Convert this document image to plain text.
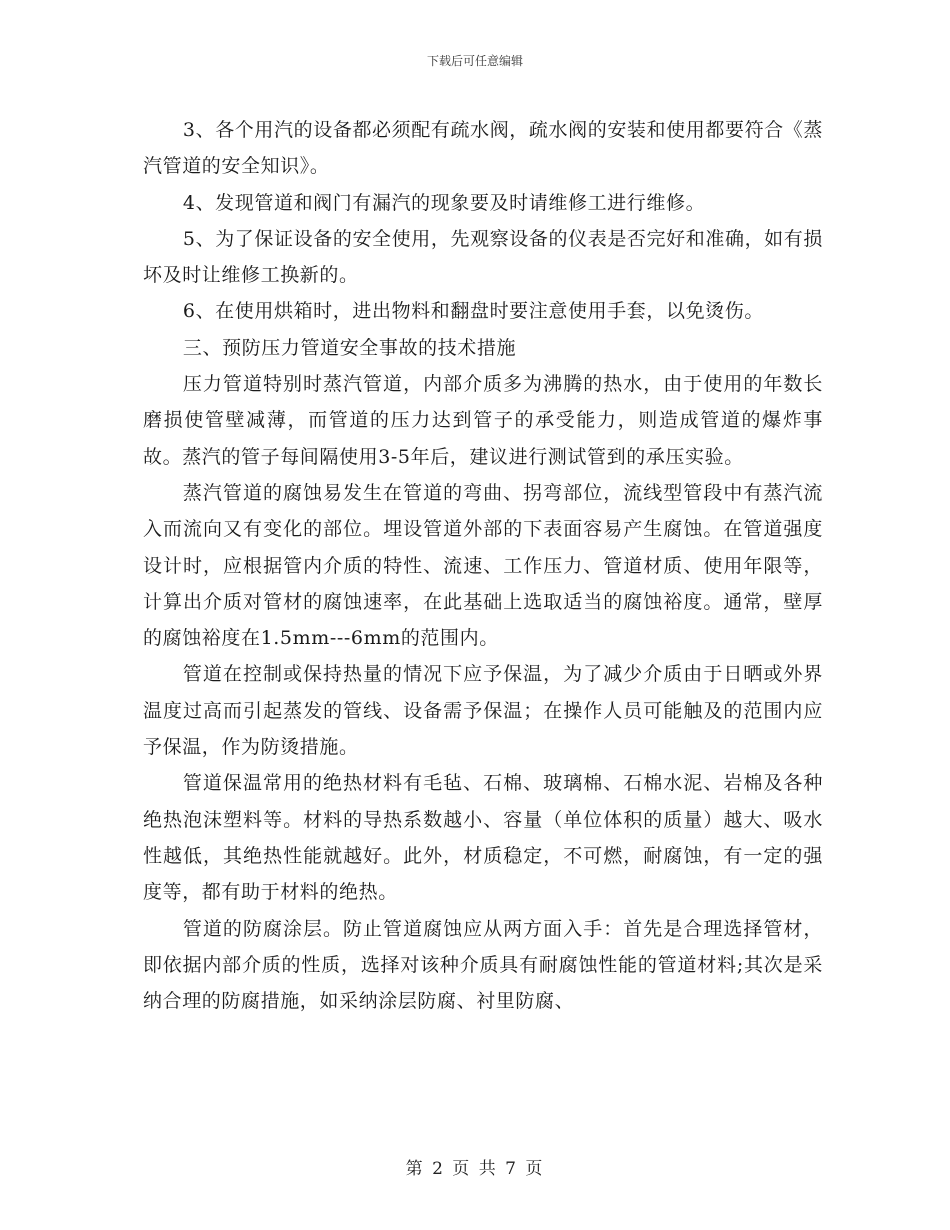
下载后可任意编辑

3、各个用汽的设备都必须配有疏水阀，疏水阀的安装和使用都要符合《蒸汽管道的安全知识》。

4、发现管道和阀门有漏汽的现象要及时请维修工进行维修。

5、为了保证设备的安全使用，先观察设备的仪表是否完好和准确，如有损坏及时让维修工换新的。

6、在使用烘箱时，进出物料和翻盘时要注意使用手套，以免烫伤。

三、预防压力管道安全事故的技术措施

压力管道特别时蒸汽管道，内部介质多为沸腾的热水，由于使用的年数长磨损使管壁减薄，而管道的压力达到管子的承受能力，则造成管道的爆炸事故。蒸汽的管子每间隔使用3-5年后，建议进行测试管到的承压实验。

蒸汽管道的腐蚀易发生在管道的弯曲、拐弯部位，流线型管段中有蒸汽流入而流向又有变化的部位。埋设管道外部的下表面容易产生腐蚀。在管道强度设计时，应根据管内介质的特性、流速、工作压力、管道材质、使用年限等，计算出介质对管材的腐蚀速率，在此基础上选取适当的腐蚀裕度。通常，壁厚的腐蚀裕度在1.5mm---6mm的范围内。

管道在控制或保持热量的情况下应予保温，为了减少介质由于日晒或外界温度过高而引起蒸发的管线、设备需予保温；在操作人员可能触及的范围内应予保温，作为防烫措施。

管道保温常用的绝热材料有毛毡、石棉、玻璃棉、石棉水泥、岩棉及各种绝热泡沫塑料等。材料的导热系数越小、容量（单位体积的质量）越大、吸水性越低，其绝热性能就越好。此外，材质稳定，不可燃，耐腐蚀，有一定的强度等，都有助于材料的绝热。

管道的防腐涂层。防止管道腐蚀应从两方面入手：首先是合理选择管材，即依据内部介质的性质，选择对该种介质具有耐腐蚀性能的管道材料;其次是采纳合理的防腐措施，如采纳涂层防腐、衬里防腐、

第 2 页 共 7 页
